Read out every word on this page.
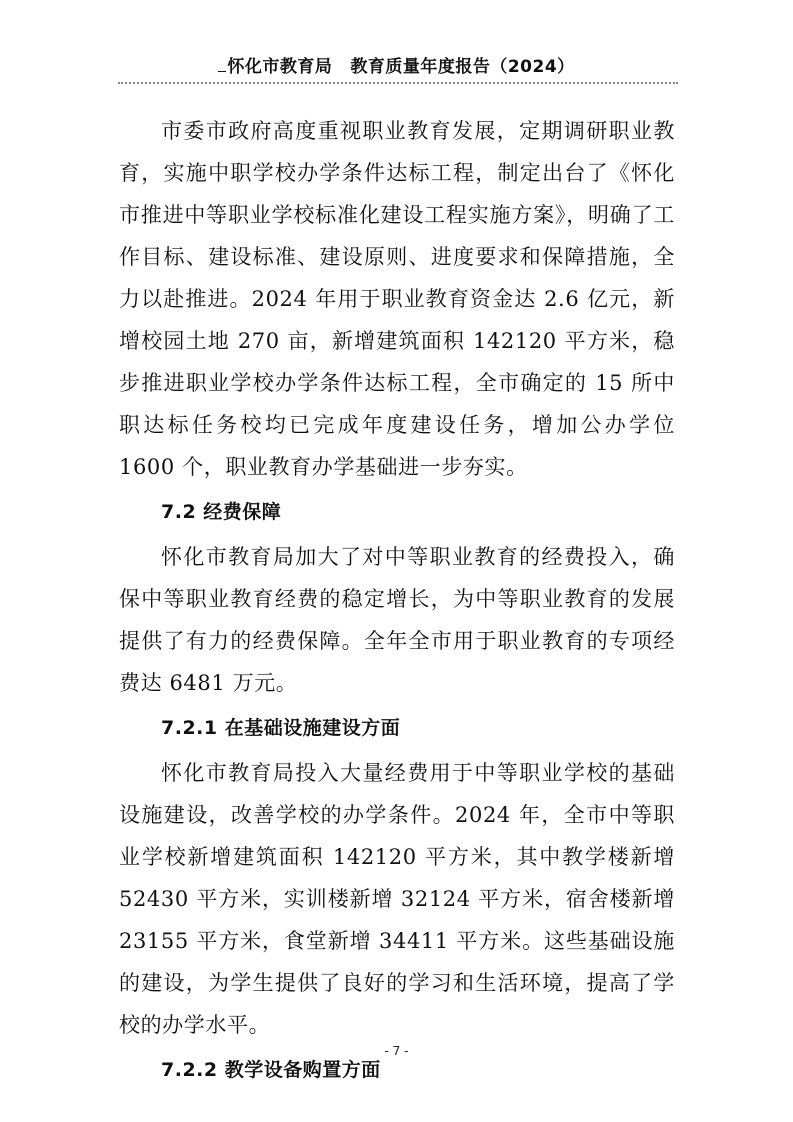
怀化市教育局 教育质量年度报告（2024）

市委市政府高度重视职业教育发展，定期调研职业教育，实施中职学校办学条件达标工程，制定出台了《怀化市推进中等职业学校标准化建设工程实施方案》，明确了工作目标、建设标准、建设原则、进度要求和保障措施，全力以赴推进。2024 年用于职业教育资金达 2.6 亿元，新增校园土地 270 亩，新增建筑面积 142120 平方米，稳步推进职业学校办学条件达标工程，全市确定的 15 所中职达标任务校均已完成年度建设任务，增加公办学位 1600 个，职业教育办学基础进一步夯实。

7.2 经费保障

怀化市教育局加大了对中等职业教育的经费投入，确保中等职业教育经费的稳定增长，为中等职业教育的发展提供了有力的经费保障。全年全市用于职业教育的专项经费达 6481 万元。

7.2.1 在基础设施建设方面

怀化市教育局投入大量经费用于中等职业学校的基础设施建设，改善学校的办学条件。2024 年，全市中等职业学校新增建筑面积 142120 平方米，其中教学楼新增 52430 平方米，实训楼新增 32124 平方米，宿舍楼新增 23155 平方米，食堂新增 34411 平方米。这些基础设施的建设，为学生提供了良好的学习和生活环境，提高了学校的办学水平。

7.2.2 教学设备购置方面
- 7 -
